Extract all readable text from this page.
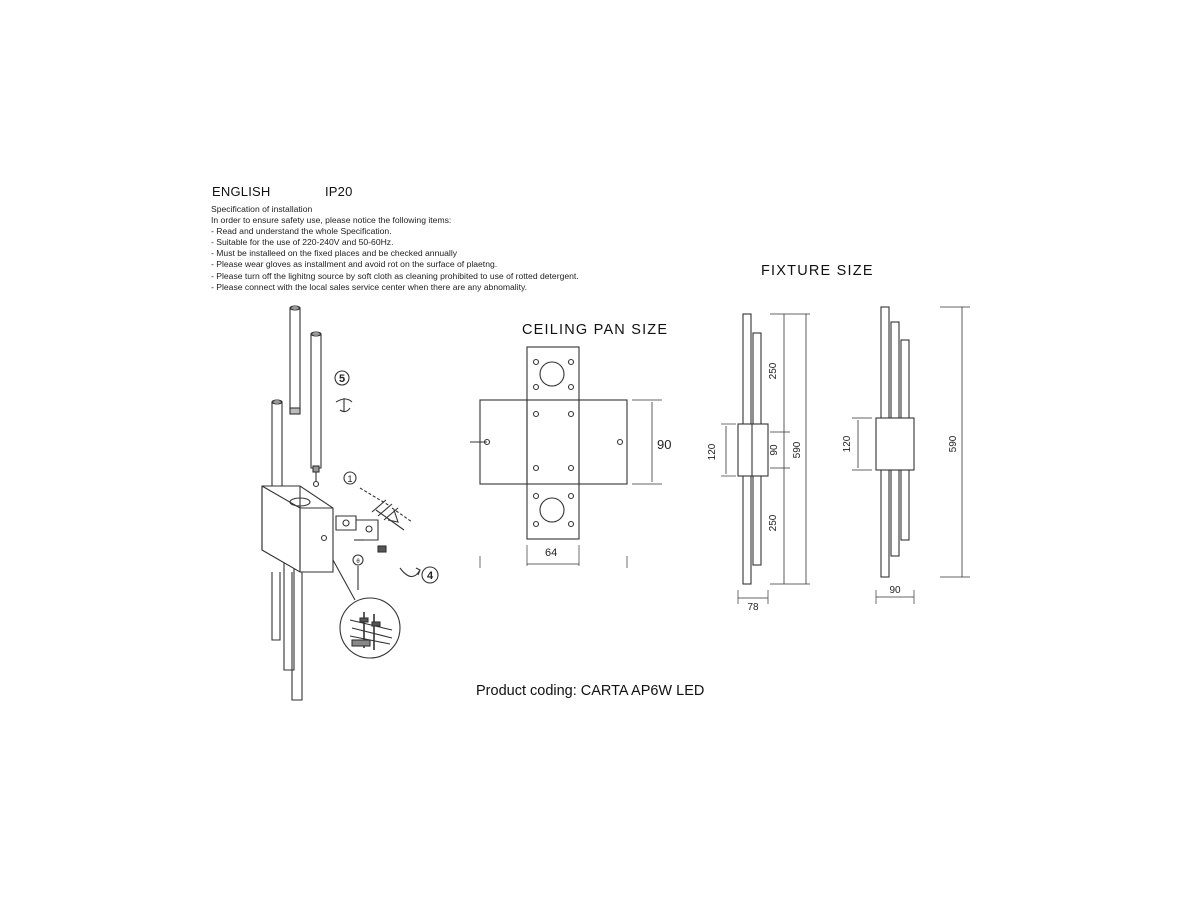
ENGLISH	IP20
Specification of installation
In order to ensure safety use, please notice the following items:
- Read and understand the whole Specification.
- Suitable for the use of 220-240V and 50-60Hz.
- Must be installeed on the fixed places and be checked annually
- Please wear gloves as installment and avoid rot on the surface of plaetng.
- Please turn off the lighitng source by soft cloth as cleaning prohibited to use of rotted detergent.
- Please connect with the local sales service center when there are any abnomality.
CEILING PAN SIZE
FIXTURE SIZE
5
1
θ
4
90
64
120
250
90
250
590
78
120	590
90
Product coding: CARTA AP6W LED
